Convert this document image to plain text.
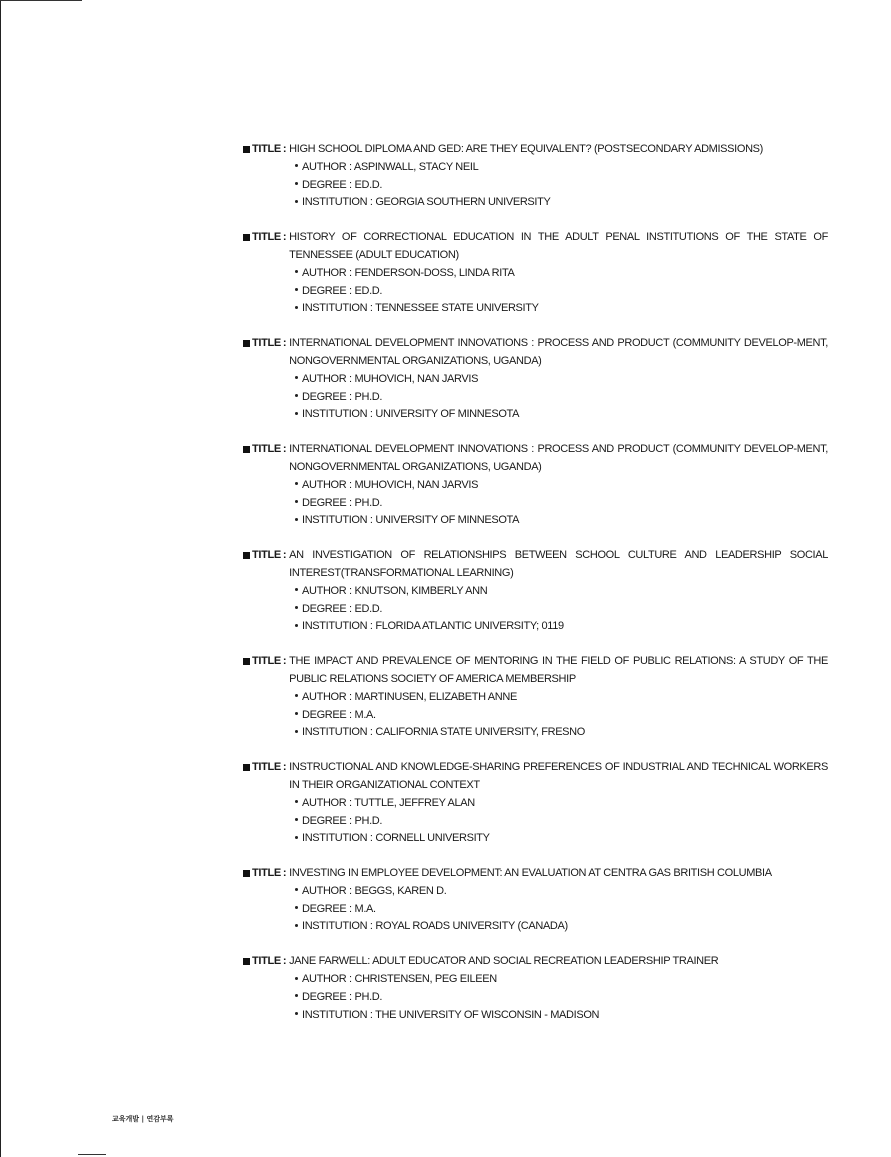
TITLE : HIGH SCHOOL DIPLOMA AND GED: ARE THEY EQUIVALENT? (POSTSECONDARY ADMISSIONS)
AUTHOR : ASPINWALL, STACY NEIL
DEGREE : ED.D.
INSTITUTION : GEORGIA SOUTHERN UNIVERSITY
TITLE : HISTORY OF CORRECTIONAL EDUCATION IN THE ADULT PENAL INSTITUTIONS OF THE STATE OF TENNESSEE (ADULT EDUCATION)
AUTHOR : FENDERSON-DOSS, LINDA RITA
DEGREE : ED.D.
INSTITUTION : TENNESSEE STATE UNIVERSITY
TITLE : INTERNATIONAL DEVELOPMENT INNOVATIONS : PROCESS AND PRODUCT (COMMUNITY DEVELOP-MENT, NONGOVERNMENTAL ORGANIZATIONS, UGANDA)
AUTHOR : MUHOVICH, NAN JARVIS
DEGREE : PH.D.
INSTITUTION : UNIVERSITY OF MINNESOTA
TITLE : INTERNATIONAL DEVELOPMENT INNOVATIONS : PROCESS AND PRODUCT (COMMUNITY DEVELOP-MENT, NONGOVERNMENTAL ORGANIZATIONS, UGANDA)
AUTHOR : MUHOVICH, NAN JARVIS
DEGREE : PH.D.
INSTITUTION : UNIVERSITY OF MINNESOTA
TITLE : AN INVESTIGATION OF RELATIONSHIPS BETWEEN SCHOOL CULTURE AND LEADERSHIP SOCIAL INTEREST(TRANSFORMATIONAL LEARNING)
AUTHOR : KNUTSON, KIMBERLY ANN
DEGREE : ED.D.
INSTITUTION : FLORIDA ATLANTIC UNIVERSITY; 0119
TITLE : THE IMPACT AND PREVALENCE OF MENTORING IN THE FIELD OF PUBLIC RELATIONS: A STUDY OF THE PUBLIC RELATIONS SOCIETY OF AMERICA MEMBERSHIP
AUTHOR : MARTINUSEN, ELIZABETH ANNE
DEGREE : M.A.
INSTITUTION : CALIFORNIA STATE UNIVERSITY, FRESNO
TITLE : INSTRUCTIONAL AND KNOWLEDGE-SHARING PREFERENCES OF INDUSTRIAL AND TECHNICAL WORKERS IN THEIR ORGANIZATIONAL CONTEXT
AUTHOR : TUTTLE, JEFFREY ALAN
DEGREE : PH.D.
INSTITUTION : CORNELL UNIVERSITY
TITLE : INVESTING IN EMPLOYEE DEVELOPMENT: AN EVALUATION AT CENTRA GAS BRITISH COLUMBIA
AUTHOR : BEGGS, KAREN D.
DEGREE : M.A.
INSTITUTION : ROYAL ROADS UNIVERSITY (CANADA)
TITLE : JANE FARWELL: ADULT EDUCATOR AND SOCIAL RECREATION LEADERSHIP TRAINER
AUTHOR : CHRISTENSEN, PEG EILEEN
DEGREE : PH.D.
INSTITUTION : THE UNIVERSITY OF WISCONSIN - MADISON
교육개발 | 연감부록
